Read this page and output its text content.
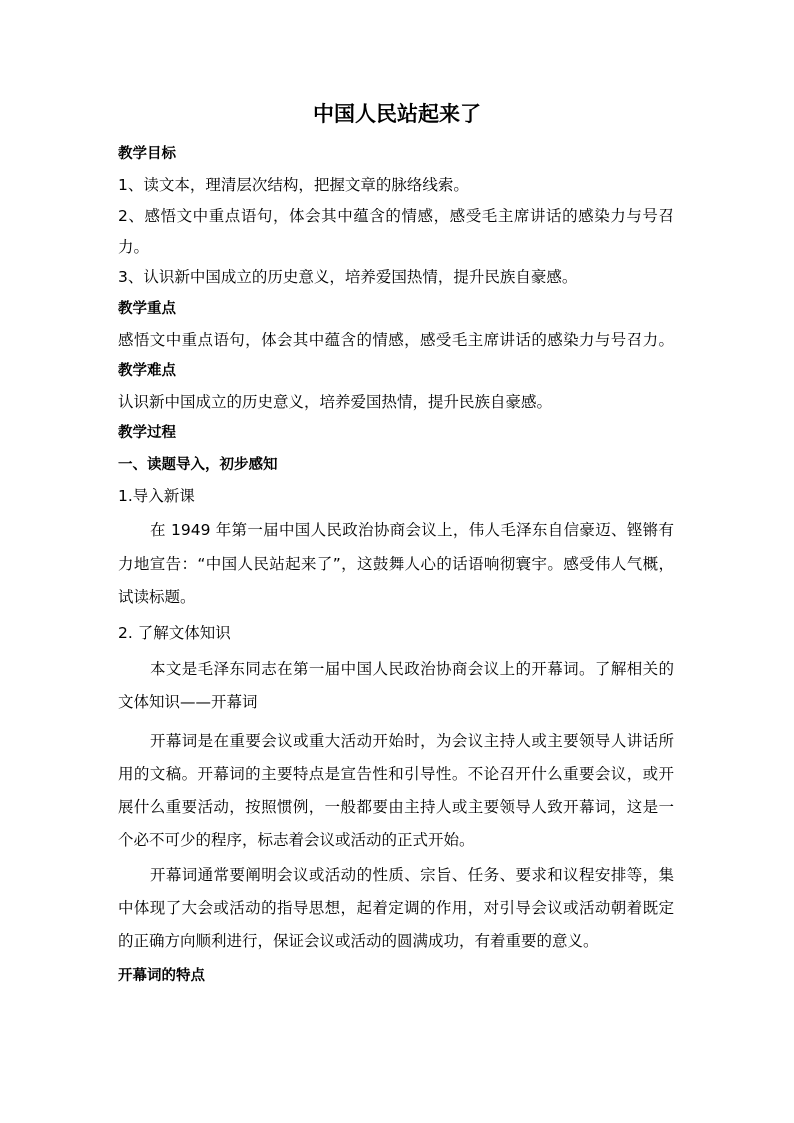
中国人民站起来了
教学目标
1、读文本，理清层次结构，把握文章的脉络线索。
2、感悟文中重点语句，体会其中蕴含的情感，感受毛主席讲话的感染力与号召
力。
3、认识新中国成立的历史意义，培养爱国热情，提升民族自豪感。
教学重点
感悟文中重点语句，体会其中蕴含的情感，感受毛主席讲话的感染力与号召力。
教学难点
认识新中国成立的历史意义，培养爱国热情，提升民族自豪感。
教学过程
一、读题导入，初步感知
1.导入新课
在 1949 年第一届中国人民政治协商会议上，伟人毛泽东自信豪迈、铿锵有
力地宣告：“中国人民站起来了”，这鼓舞人心的话语响彻寰宇。感受伟人气概，
试读标题。
2. 了解文体知识
本文是毛泽东同志在第一届中国人民政治协商会议上的开幕词。了解相关的
文体知识——开幕词
开幕词是在重要会议或重大活动开始时，为会议主持人或主要领导人讲话所
用的文稿。开幕词的主要特点是宣告性和引导性。不论召开什么重要会议，或开
展什么重要活动，按照惯例，一般都要由主持人或主要领导人致开幕词，这是一
个必不可少的程序，标志着会议或活动的正式开始。
开幕词通常要阐明会议或活动的性质、宗旨、任务、要求和议程安排等，集
中体现了大会或活动的指导思想，起着定调的作用，对引导会议或活动朝着既定
的正确方向顺利进行，保证会议或活动的圆满成功，有着重要的意义。
开幕词的特点
